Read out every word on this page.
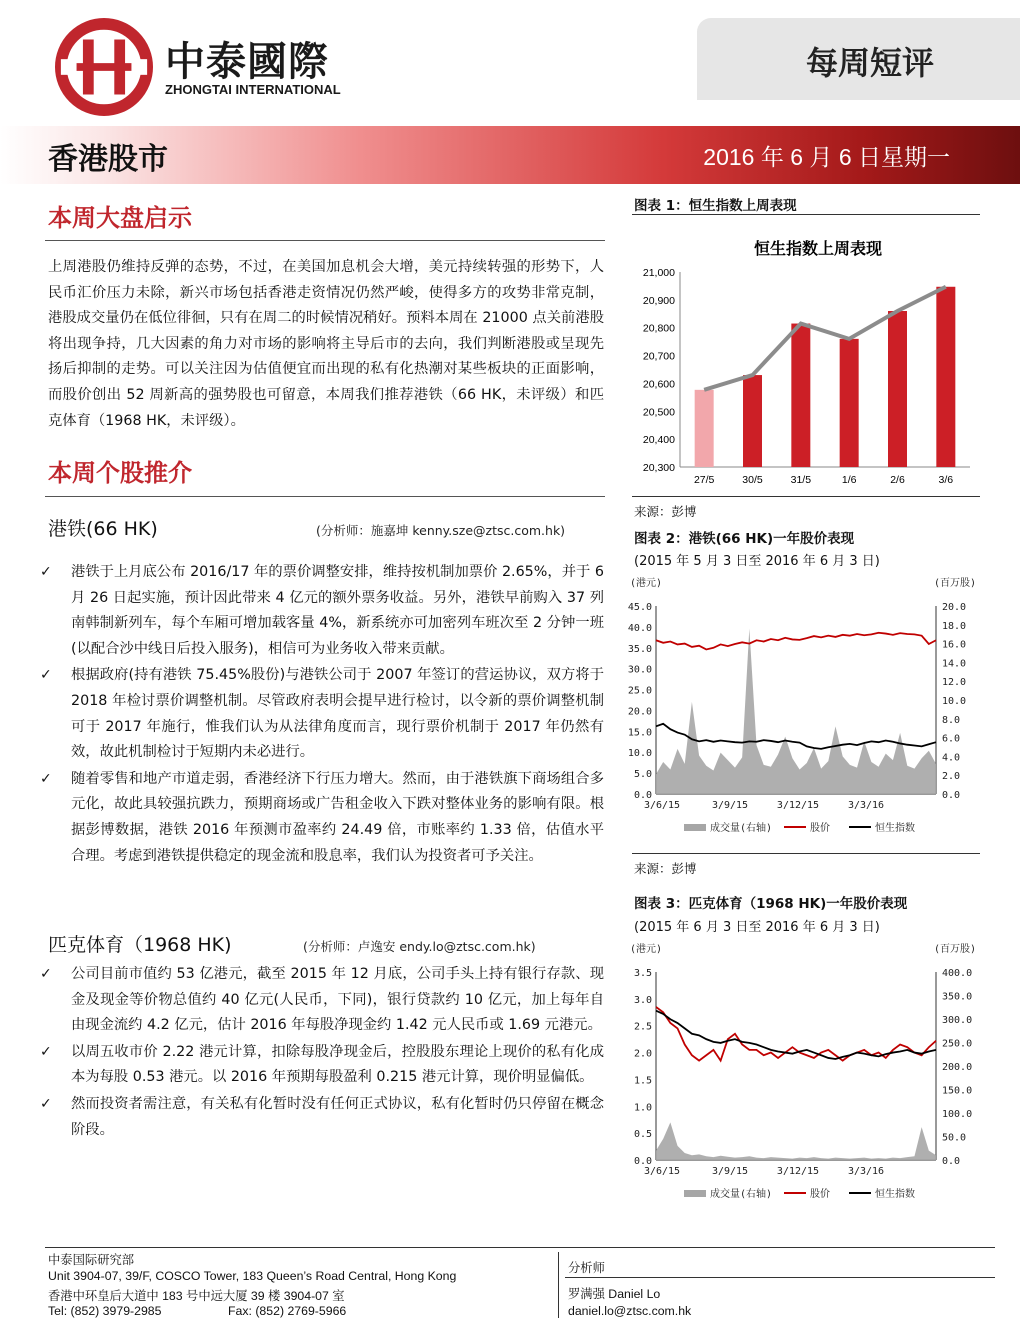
中泰國際
ZHONGTAI INTERNATIONAL
每周短评
香港股市	2016 年 6 月 6 日星期一
本周大盘启示
上周港股仍维持反弹的态势，不过，在美国加息机会大增，美元持续转强的形势下，人民币汇价压力未除，新兴市场包括香港走资情况仍然严峻，使得多方的攻势非常克制，港股成交量仍在低位徘徊，只有在周二的时候情况稍好。预料本周在 21000 点关前港股将出现争持，几大因素的角力对市场的影响将主导后市的去向，我们判断港股或呈现先扬后抑制的走势。可以关注因为估值便宜而出现的私有化热潮对某些板块的正面影响，而股价创出 52 周新高的强势股也可留意，本周我们推荐港铁（66 HK，未评级）和匹克体育（1968 HK，未评级）。
本周个股推介
港铁(66 HK)	(分析师：施嘉坤 kenny.sze@ztsc.com.hk)
✓ 港铁于上月底公布 2016/17 年的票价调整安排，维持按机制加票价 2.65%，并于 6 月 26 日起实施，预计因此带来 4 亿元的额外票务收益。另外，港铁早前购入 37 列南韩制新列车，每个车厢可增加载客量 4%，新系统亦可加密列车班次至 2 分钟一班(以配合沙中线日后投入服务)，相信可为业务收入带来贡献。
✓ 根据政府(持有港铁 75.45%股份)与港铁公司于 2007 年签订的营运协议，双方将于 2018 年检讨票价调整机制。尽管政府表明会提早进行检讨，以令新的票价调整机制可于 2017 年施行，惟我们认为从法律角度而言，现行票价机制于 2017 年仍然有效，故此机制检讨于短期内未必进行。
✓ 随着零售和地产市道走弱，香港经济下行压力增大。然而，由于港铁旗下商场组合多元化，故此具较强抗跌力，预期商场或广告租金收入下跌对整体业务的影响有限。根据彭博数据，港铁 2016 年预测市盈率约 24.49 倍，市账率约 1.33 倍，估值水平合理。考虑到港铁提供稳定的现金流和股息率，我们认为投资者可予关注。
匹克体育（1968 HK)	(分析师：卢逸安 endy.lo@ztsc.com.hk)
✓ 公司目前市值约 53 亿港元，截至 2015 年 12 月底，公司手头上持有银行存款、现金及现金等价物总值约 40 亿元(人民币，下同)，银行贷款约 10 亿元，加上每年自由现金流约 4.2 亿元，估计 2016 年每股净现金约 1.42 元人民币或 1.69 元港元。
✓ 以周五收市价 2.22 港元计算，扣除每股净现金后，控股股东理论上现价的私有化成本为每股 0.53 港元。以 2016 年预期每股盈利 0.215 港元计算，现价明显偏低。
✓ 然而投资者需注意，有关私有化暂时没有任何正式协议，私有化暂时仍只停留在概念阶段。
图表 1：恒生指数上周表现
恒生指数上周表现
21,000
20,900
20,800
20,700
20,600
20,500
20,400
20,300
27/5	30/5	31/5	1/6	2/6	3/6
来源：彭博
图表 2：港铁(66 HK)一年股价表现
(2015 年 5 月 3 日至 2016 年 6 月 3 日)
(港元)	(百万股)
45.0
40.0
35.0
30.0
25.0
20.0
15.0
10.0
5.0
0.0
20.0
18.0
16.0
14.0
12.0
10.0
8.0
6.0
4.0
2.0
0.0
3/6/15	3/9/15	3/12/15	3/3/16
成交量(右轴)	股价	恒生指数
来源：彭博
图表 3：匹克体育（1968 HK)一年股价表现
(2015 年 6 月 3 日至 2016 年 6 月 3 日)
(港元)	(百万股)
3.5
3.0
2.5
2.0
1.5
1.0
0.5
0.0
400.0
350.0
300.0
250.0
200.0
150.0
100.0
50.0
0.0
3/6/15	3/9/15	3/12/15	3/3/16
成交量(右轴)	股价	恒生指数
中泰国际研究部
Unit 3904-07, 39/F, COSCO Tower, 183 Queen’s Road Central, Hong Kong
香港中环皇后大道中 183 号中远大厦 39 楼 3904-07 室
Tel: (852) 3979-2985	Fax: (852) 2769-5966
分析师
罗满强 Daniel Lo
daniel.lo@ztsc.com.hk
